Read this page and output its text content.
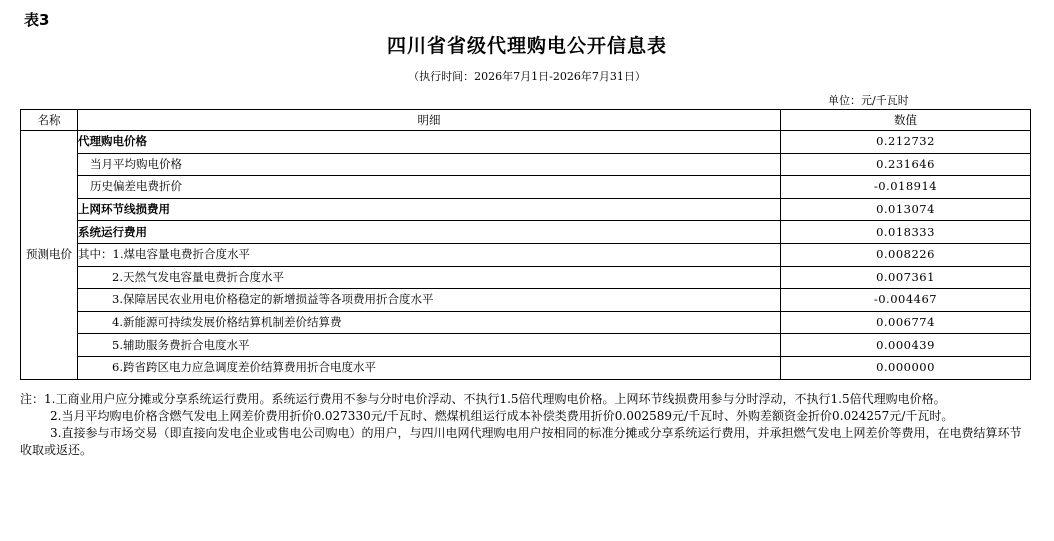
表3
四川省省级代理购电公开信息表
（执行时间：2026年7月1日-2026年7月31日）
单位：元/千瓦时
名称	明细	数值
预测电价	代理购电价格	0.212732
	当月平均购电价格	0.231646
	历史偏差电费折价	-0.018914
	上网环节线损费用	0.013074
	系统运行费用	0.018333
	其中：1.煤电容量电费折合度水平	0.008226
	2.天然气发电容量电费折合度水平	0.007361
	3.保障居民农业用电价格稳定的新增损益等各项费用折合度水平	-0.004467
	4.新能源可持续发展价格结算机制差价结算费	0.006774
	5.辅助服务费折合电度水平	0.000439
	6.跨省跨区电力应急调度差价结算费用折合电度水平	0.000000

注：1.工商业用户应分摊或分享系统运行费用。系统运行费用不参与分时电价浮动、不执行1.5倍代理购电价格。上网环节线损费用参与分时浮动，不执行1.5倍代理购电价格。

2.当月平均购电价格含燃气发电上网差价费用折价0.027330元/千瓦时、燃煤机组运行成本补偿类费用折价0.002589元/千瓦时、外购差额资金折价0.024257元/千瓦时。

3.直接参与市场交易（即直接向发电企业或售电公司购电）的用户，与四川电网代理购电用户按相同的标准分摊或分享系统运行费用，并承担燃气发电上网差价等费用，在电费结算环节收取或返还。
